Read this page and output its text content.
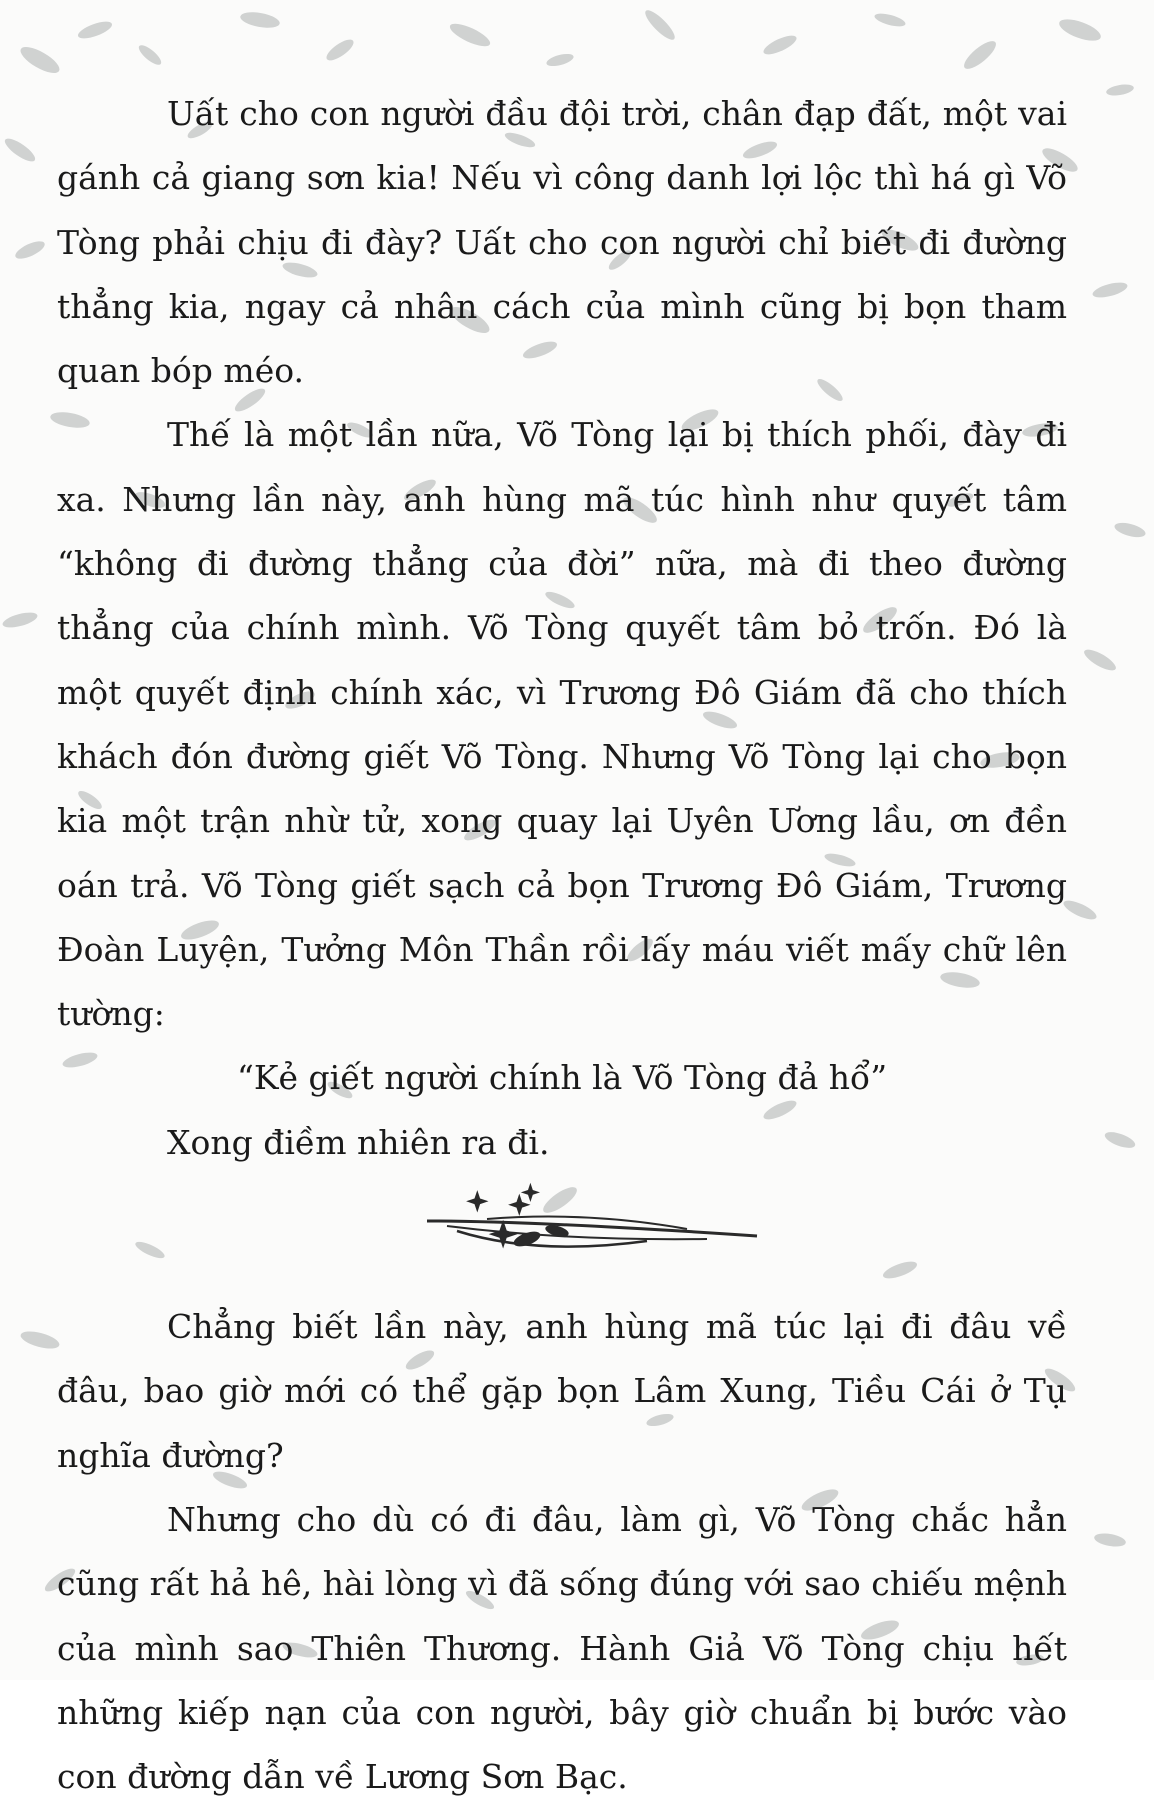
Uất cho con người đầu đội trời, chân đạp đất, một vai gánh cả giang sơn kia! Nếu vì công danh lợi lộc thì há gì Võ Tòng phải chịu đi đày? Uất cho con người chỉ biết đi đường thẳng kia, ngay cả nhân cách của mình cũng bị bọn tham quan bóp méo.

Thế là một lần nữa, Võ Tòng lại bị thích phối, đày đi xa. Nhưng lần này, anh hùng mã túc hình như quyết tâm “không đi đường thẳng của đời” nữa, mà đi theo đường thẳng của chính mình. Võ Tòng quyết tâm bỏ trốn. Đó là một quyết định chính xác, vì Trương Đô Giám đã cho thích khách đón đường giết Võ Tòng. Nhưng Võ Tòng lại cho bọn kia một trận nhừ tử, xong quay lại Uyên Ương lầu, ơn đền oán trả. Võ Tòng giết sạch cả bọn Trương Đô Giám, Trương Đoàn Luyện, Tưởng Môn Thần rồi lấy máu viết mấy chữ lên tường:

“Kẻ giết người chính là Võ Tòng đả hổ”

Xong điềm nhiên ra đi.

Chẳng biết lần này, anh hùng mã túc lại đi đâu về đâu, bao giờ mới có thể gặp bọn Lâm Xung, Tiều Cái ở Tụ nghĩa đường?

Nhưng cho dù có đi đâu, làm gì, Võ Tòng chắc hẳn cũng rất hả hê, hài lòng vì đã sống đúng với sao chiếu mệnh của mình sao Thiên Thương. Hành Giả Võ Tòng chịu hết những kiếp nạn của con người, bây giờ chuẩn bị bước vào con đường dẫn về Lương Sơn Bạc.
